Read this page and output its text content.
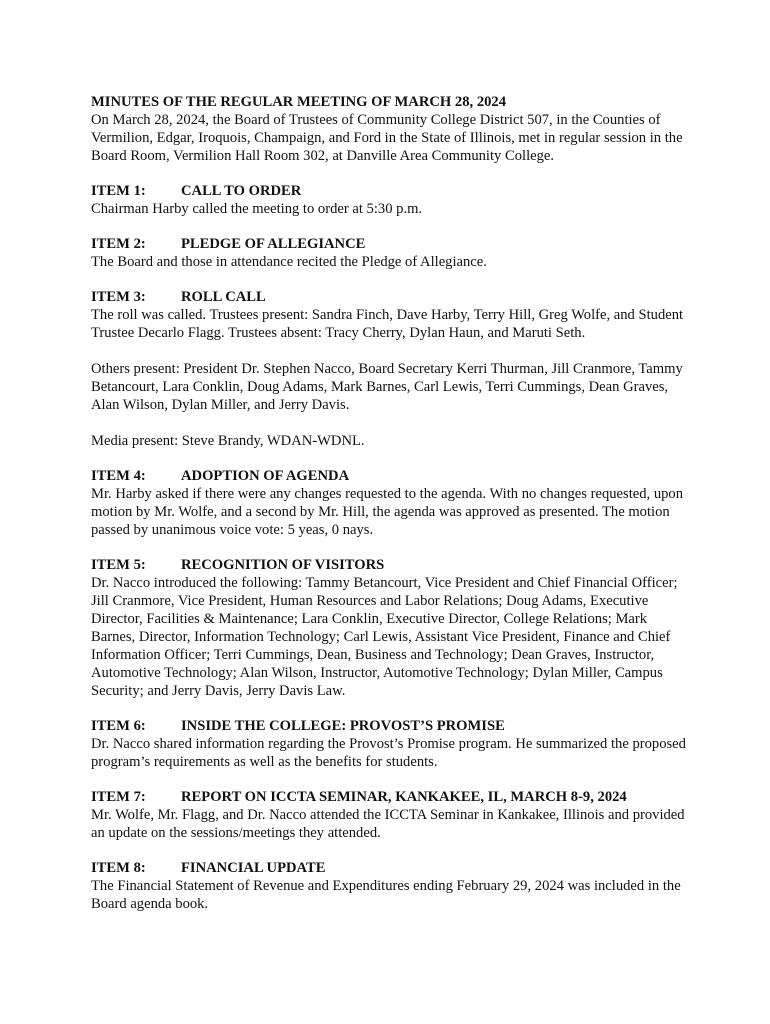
MINUTES OF THE REGULAR MEETING OF MARCH 28, 2024

On March 28, 2024, the Board of Trustees of Community College District 507, in the Counties of Vermilion, Edgar, Iroquois, Champaign, and Ford in the State of Illinois, met in regular session in the Board Room, Vermilion Hall Room 302, at Danville Area Community College.

ITEM 1:	CALL TO ORDER

Chairman Harby called the meeting to order at 5:30 p.m.

ITEM 2:	PLEDGE OF ALLEGIANCE

The Board and those in attendance recited the Pledge of Allegiance.

ITEM 3:	ROLL CALL

The roll was called. Trustees present: Sandra Finch, Dave Harby, Terry Hill, Greg Wolfe, and Student Trustee Decarlo Flagg. Trustees absent: Tracy Cherry, Dylan Haun, and Maruti Seth.

Others present: President Dr. Stephen Nacco, Board Secretary Kerri Thurman, Jill Cranmore, Tammy Betancourt, Lara Conklin, Doug Adams, Mark Barnes, Carl Lewis, Terri Cummings, Dean Graves, Alan Wilson, Dylan Miller, and Jerry Davis.

Media present: Steve Brandy, WDAN-WDNL.

ITEM 4:	ADOPTION OF AGENDA

Mr. Harby asked if there were any changes requested to the agenda. With no changes requested, upon motion by Mr. Wolfe, and a second by Mr. Hill, the agenda was approved as presented. The motion passed by unanimous voice vote: 5 yeas, 0 nays.

ITEM 5:	RECOGNITION OF VISITORS

Dr. Nacco introduced the following: Tammy Betancourt, Vice President and Chief Financial Officer; Jill Cranmore, Vice President, Human Resources and Labor Relations; Doug Adams, Executive Director, Facilities & Maintenance; Lara Conklin, Executive Director, College Relations; Mark Barnes, Director, Information Technology; Carl Lewis, Assistant Vice President, Finance and Chief Information Officer; Terri Cummings, Dean, Business and Technology; Dean Graves, Instructor, Automotive Technology; Alan Wilson, Instructor, Automotive Technology; Dylan Miller, Campus Security; and Jerry Davis, Jerry Davis Law.

ITEM 6:	INSIDE THE COLLEGE: PROVOST’S PROMISE

Dr. Nacco shared information regarding the Provost’s Promise program. He summarized the proposed program’s requirements as well as the benefits for students.

ITEM 7:	REPORT ON ICCTA SEMINAR, KANKAKEE, IL, MARCH 8-9, 2024

Mr. Wolfe, Mr. Flagg, and Dr. Nacco attended the ICCTA Seminar in Kankakee, Illinois and provided an update on the sessions/meetings they attended.

ITEM 8:	FINANCIAL UPDATE

The Financial Statement of Revenue and Expenditures ending February 29, 2024 was included in the Board agenda book.
